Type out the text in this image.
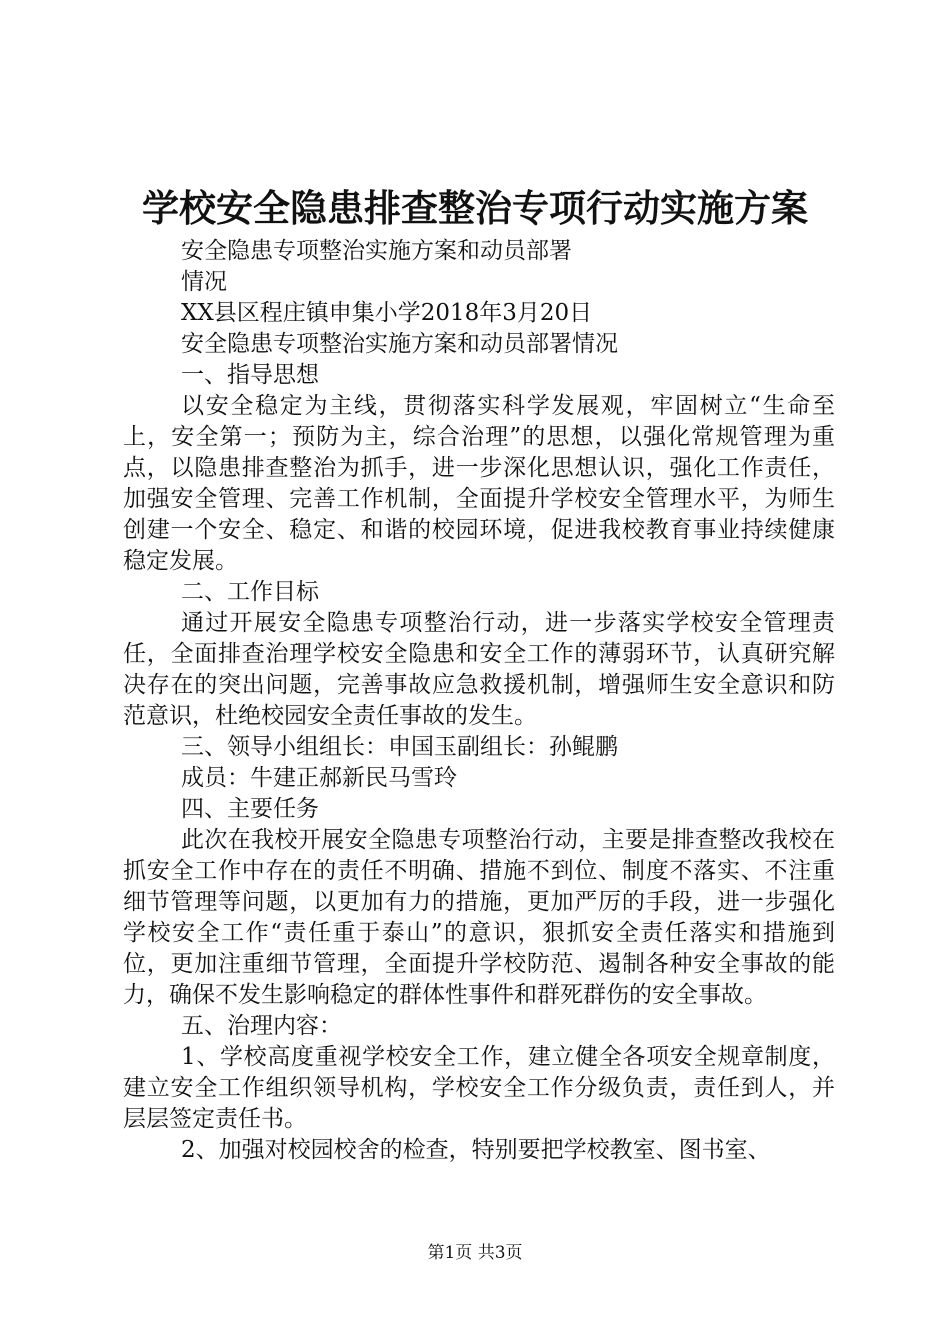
学校安全隐患排查整治专项行动实施方案
安全隐患专项整治实施方案和动员部署
情况
XX县区程庄镇申集小学2018年3月20日
安全隐患专项整治实施方案和动员部署情况
一、指导思想
以安全稳定为主线，贯彻落实科学发展观，牢固树立“生命至上，安全第一；预防为主，综合治理”的思想，以强化常规管理为重点，以隐患排查整治为抓手，进一步深化思想认识，强化工作责任，加强安全管理、完善工作机制，全面提升学校安全管理水平，为师生创建一个安全、稳定、和谐的校园环境，促进我校教育事业持续健康稳定发展。
二、工作目标
通过开展安全隐患专项整治行动，进一步落实学校安全管理责任，全面排查治理学校安全隐患和安全工作的薄弱环节，认真研究解决存在的突出问题，完善事故应急救援机制，增强师生安全意识和防范意识，杜绝校园安全责任事故的发生。
三、领导小组组长：申国玉副组长：孙鲲鹏
成员：牛建正郝新民马雪玲
四、主要任务
此次在我校开展安全隐患专项整治行动，主要是排查整改我校在抓安全工作中存在的责任不明确、措施不到位、制度不落实、不注重细节管理等问题，以更加有力的措施，更加严厉的手段，进一步强化学校安全工作“责任重于泰山”的意识，狠抓安全责任落实和措施到位，更加注重细节管理，全面提升学校防范、遏制各种安全事故的能力，确保不发生影响稳定的群体性事件和群死群伤的安全事故。
五、治理内容：
1、学校高度重视学校安全工作，建立健全各项安全规章制度，建立安全工作组织领导机构，学校安全工作分级负责，责任到人，并层层签定责任书。
2、加强对校园校舍的检查，特别要把学校教室、图书室、
第1页 共3页
